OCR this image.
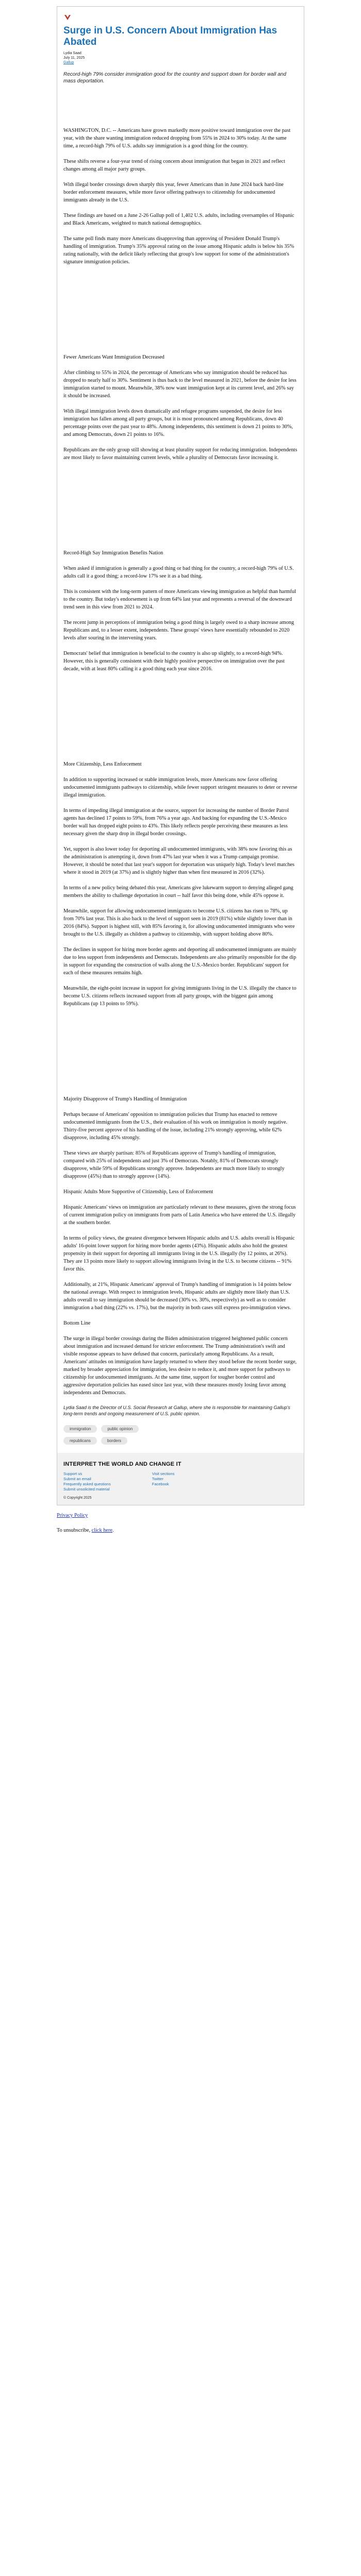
Surge in U.S. Concern About Immigration Has Abated

Lydia Saad

July 11, 2025

Gallup

Record-high 79% consider immigration good for the country and support down for border wall and mass deportation.

WASHINGTON, D.C. -- Americans have grown markedly more positive toward immigration over the past year, with the share wanting immigration reduced dropping from 55% in 2024 to 30% today. At the same time, a record-high 79% of U.S. adults say immigration is a good thing for the country.

These shifts reverse a four-year trend of rising concern about immigration that began in 2021 and reflect changes among all major party groups.

With illegal border crossings down sharply this year, fewer Americans than in June 2024 back hard-line border enforcement measures, while more favor offering pathways to citizenship for undocumented immigrants already in the U.S.

These findings are based on a June 2-26 Gallup poll of 1,402 U.S. adults, including oversamples of Hispanic and Black Americans, weighted to match national demographics.

The same poll finds many more Americans disapproving than approving of President Donald Trump's handling of immigration. Trump's 35% approval rating on the issue among Hispanic adults is below his 35% rating nationally, with the deficit likely reflecting that group's low support for some of the administration's signature immigration policies.

Fewer Americans Want Immigration Decreased

After climbing to 55% in 2024, the percentage of Americans who say immigration should be reduced has dropped to nearly half to 30%. Sentiment is thus back to the level measured in 2021, before the desire for less immigration started to mount. Meanwhile, 38% now want immigration kept at its current level, and 26% say it should be increased.

With illegal immigration levels down dramatically and refugee programs suspended, the desire for less immigration has fallen among all party groups, but it is most pronounced among Republicans, down 40 percentage points over the past year to 48%. Among independents, this sentiment is down 21 points to 30%, and among Democrats, down 21 points to 16%.

Republicans are the only group still showing at least plurality support for reducing immigration. Independents are most likely to favor maintaining current levels, while a plurality of Democrats favor increasing it.

Record-High Say Immigration Benefits Nation

When asked if immigration is generally a good thing or bad thing for the country, a record-high 79% of U.S. adults call it a good thing; a record-low 17% see it as a bad thing.

This is consistent with the long-term pattern of more Americans viewing immigration as helpful than harmful to the country. But today's endorsement is up from 64% last year and represents a reversal of the downward trend seen in this view from 2021 to 2024.

The recent jump in perceptions of immigration being a good thing is largely owed to a sharp increase among Republicans and, to a lesser extent, independents. These groups' views have essentially rebounded to 2020 levels after souring in the intervening years.

Democrats' belief that immigration is beneficial to the country is also up slightly, to a record-high 94%. However, this is generally consistent with their highly positive perspective on immigration over the past decade, with at least 80% calling it a good thing each year since 2016.

More Citizenship, Less Enforcement

In addition to supporting increased or stable immigration levels, more Americans now favor offering undocumented immigrants pathways to citizenship, while fewer support stringent measures to deter or reverse illegal immigration.

In terms of impeding illegal immigration at the source, support for increasing the number of Border Patrol agents has declined 17 points to 59%, from 76% a year ago. And backing for expanding the U.S.-Mexico border wall has dropped eight points to 43%. This likely reflects people perceiving these measures as less necessary given the sharp drop in illegal border crossings.

Yet, support is also lower today for deporting all undocumented immigrants, with 38% now favoring this as the administration is attempting it, down from 47% last year when it was a Trump campaign promise. However, it should be noted that last year's support for deportation was uniquely high. Today's level matches where it stood in 2019 (at 37%) and is slightly higher than when first measured in 2016 (32%).

In terms of a new policy being debated this year, Americans give lukewarm support to denying alleged gang members the ability to challenge deportation in court -- half favor this being done, while 45% oppose it.

Meanwhile, support for allowing undocumented immigrants to become U.S. citizens has risen to 78%, up from 70% last year. This is also back to the level of support seen in 2019 (81%) while slightly lower than in 2016 (84%). Support is highest still, with 85% favoring it, for allowing undocumented immigrants who were brought to the U.S. illegally as children a pathway to citizenship, with support holding above 80%.

The declines in support for hiring more border agents and deporting all undocumented immigrants are mainly due to less support from independents and Democrats. Independents are also primarily responsible for the dip in support for expanding the construction of walls along the U.S.-Mexico border. Republicans' support for each of these measures remains high.

Meanwhile, the eight-point increase in support for giving immigrants living in the U.S. illegally the chance to become U.S. citizens reflects increased support from all party groups, with the biggest gain among Republicans (up 13 points to 59%).

Majority Disapprove of Trump's Handling of Immigration

Perhaps because of Americans' opposition to immigration policies that Trump has enacted to remove undocumented immigrants from the U.S., their evaluation of his work on immigration is mostly negative. Thirty-five percent approve of his handling of the issue, including 21% strongly approving, while 62% disapprove, including 45% strongly.

These views are sharply partisan: 85% of Republicans approve of Trump's handling of immigration, compared with 25% of independents and just 3% of Democrats. Notably, 81% of Democrats strongly disapprove, while 59% of Republicans strongly approve. Independents are much more likely to strongly disapprove (45%) than to strongly approve (14%).

Hispanic Adults More Supportive of Citizenship, Less of Enforcement

Hispanic Americans' views on immigration are particularly relevant to these measures, given the strong focus of current immigration policy on immigrants from parts of Latin America who have entered the U.S. illegally at the southern border.

In terms of policy views, the greatest divergence between Hispanic adults and U.S. adults overall is Hispanic adults' 16-point lower support for hiring more border agents (43%). Hispanic adults also hold the greatest propensity in their support for deporting all immigrants living in the U.S. illegally (by 12 points, at 26%). They are 13 points more likely to support allowing immigrants living in the U.S. to become citizens -- 91% favor this.

Additionally, at 21%, Hispanic Americans' approval of Trump's handling of immigration is 14 points below the national average. With respect to immigration levels, Hispanic adults are slightly more likely than U.S. adults overall to say immigration should be decreased (30% vs. 30%, respectively) as well as to consider immigration a bad thing (22% vs. 17%), but the majority in both cases still express pro-immigration views.

Bottom Line

The surge in illegal border crossings during the Biden administration triggered heightened public concern about immigration and increased demand for stricter enforcement. The Trump administration's swift and visible response appears to have defused that concern, particularly among Republicans. As a result, Americans' attitudes on immigration have largely returned to where they stood before the recent border surge, marked by broader appreciation for immigration, less desire to reduce it, and more support for pathways to citizenship for undocumented immigrants. At the same time, support for tougher border control and aggressive deportation policies has eased since last year, with these measures mostly losing favor among independents and Democrats.

Lydia Saad is the Director of U.S. Social Research at Gallup, where she is responsible for maintaining Gallup's long-term trends and ongoing measurement of U.S. public opinion.

immigration	public opinion
republicans	borders
INTERPRET THE WORLD AND CHANGE IT
Support us
Submit an email
Frequently asked questions
Submit unsolicited material
Visit sections
Twitter
Facebook
© Copyright 2025
Privacy Policy
To unsubscribe, click here.
